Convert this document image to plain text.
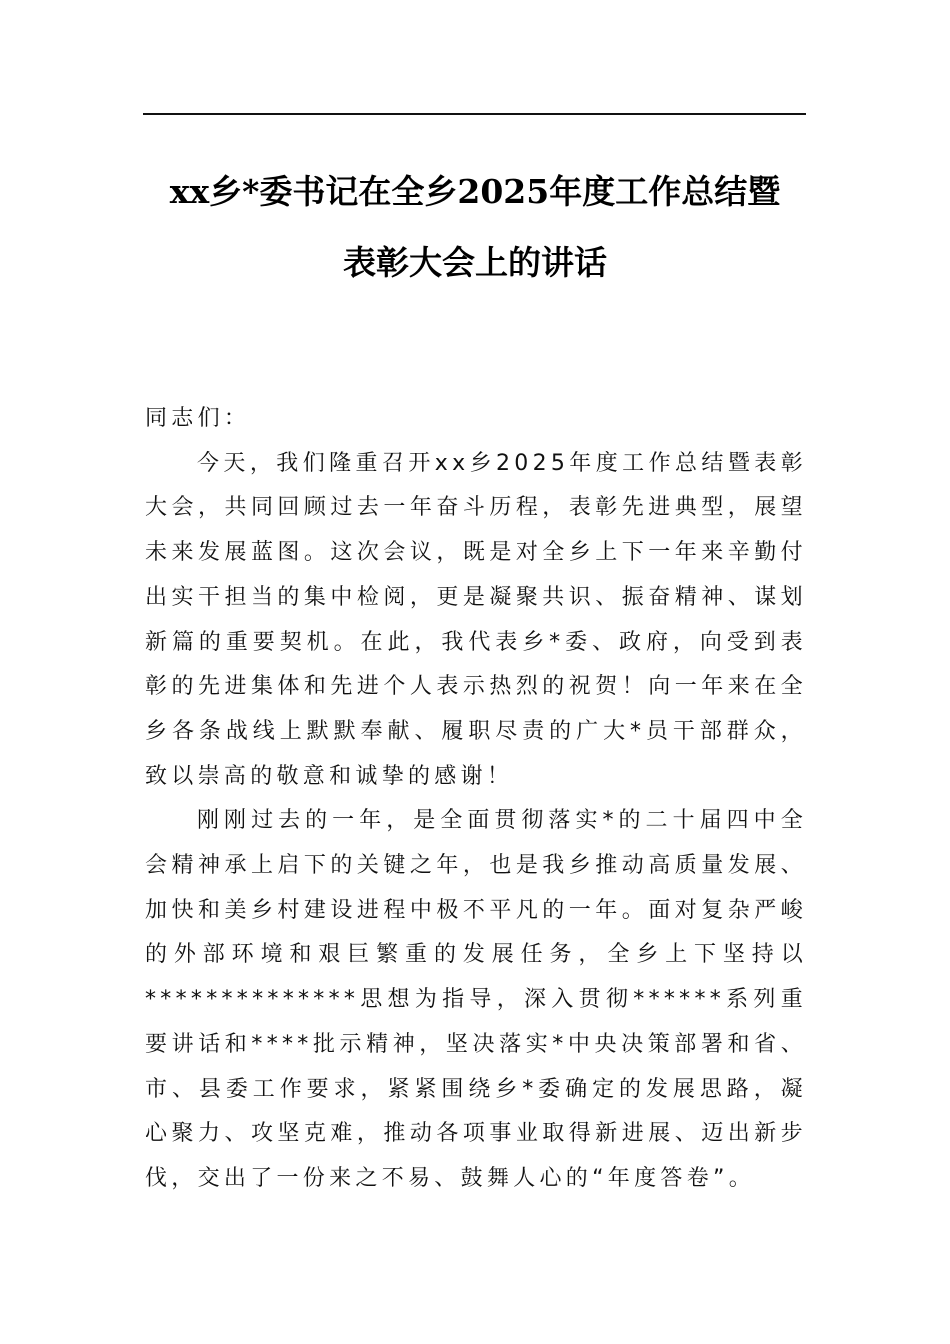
xx乡*委书记在全乡2025年度工作总结暨
表彰大会上的讲话

同志们：

今天，我们隆重召开xx乡2025年度工作总结暨表彰大会，共同回顾过去一年奋斗历程，表彰先进典型，展望未来发展蓝图。这次会议，既是对全乡上下一年来辛勤付出实干担当的集中检阅，更是凝聚共识、振奋精神、谋划新篇的重要契机。在此，我代表乡*委、政府，向受到表彰的先进集体和先进个人表示热烈的祝贺！向一年来在全乡各条战线上默默奉献、履职尽责的广大*员干部群众，致以崇高的敬意和诚挚的感谢！

刚刚过去的一年，是全面贯彻落实*的二十届四中全会精神承上启下的关键之年，也是我乡推动高质量发展、加快和美乡村建设进程中极不平凡的一年。面对复杂严峻的外部环境和艰巨繁重的发展任务，全乡上下坚持以**************思想为指导，深入贯彻******系列重要讲话和****批示精神，坚决落实*中央决策部署和省、市、县委工作要求，紧紧围绕乡*委确定的发展思路，凝心聚力、攻坚克难，推动各项事业取得新进展、迈出新步伐，交出了一份来之不易、鼓舞人心的“年度答卷”。
